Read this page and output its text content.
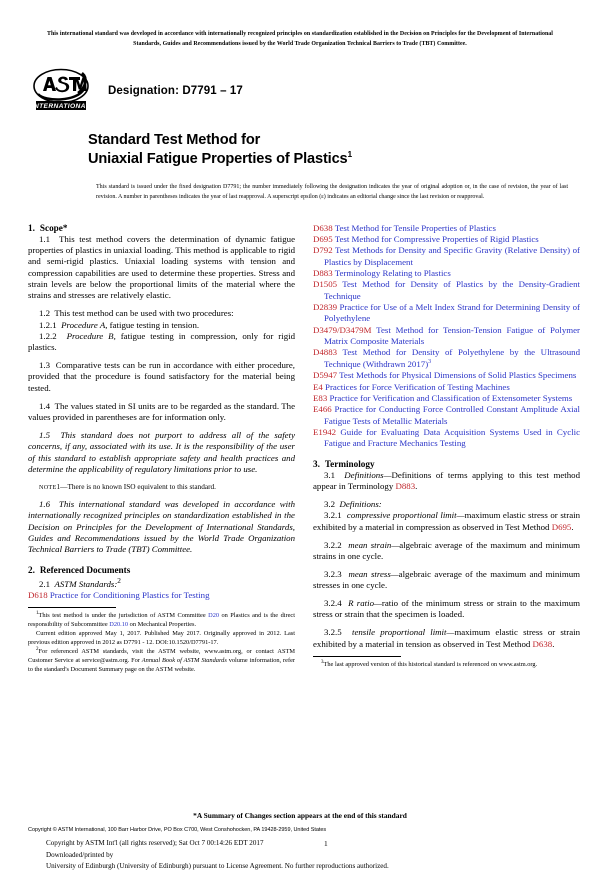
This international standard was developed in accordance with internationally recognized principles on standardization established in the Decision on Principles for the Development of International Standards, Guides and Recommendations issued by the World Trade Organization Technical Barriers to Trade (TBT) Committee.
INTERNATIONAL
Designation: D7791 – 17
Standard Test Method for
Uniaxial Fatigue Properties of Plastics$^1$
This standard is issued under the fixed designation D7791; the number immediately following the designation indicates the year of original adoption or, in the case of revision, the year of last revision. A number in parentheses indicates the year of last reapproval. A superscript epsilon (ε) indicates an editorial change since the last revision or reapproval.
1. Scope*

1.1 This test method covers the determination of dynamic fatigue properties of plastics in uniaxial loading. This method is applicable to rigid and semi-rigid plastics. Uniaxial loading systems with tension and compression capabilities are used to determine these properties. Stress and strain levels are below the proportional limits of the material where the strains and stresses are relatively elastic.

1.2 This test method can be used with two procedures:

1.2.1 Procedure A, fatigue testing in tension.

1.2.2 Procedure B, fatigue testing in compression, only for rigid plastics.

1.3 Comparative tests can be run in accordance with either procedure, provided that the procedure is found satisfactory for the material being tested.

1.4 The values stated in SI units are to be regarded as the standard. The values provided in parentheses are for information only.

1.5 This standard does not purport to address all of the safety concerns, if any, associated with its use. It is the responsibility of the user of this standard to establish appropriate safety and health practices and determine the applicability of regulatory limitations prior to use.

NOTE1—There is no known ISO equivalent to this standard.

1.6 This international standard was developed in accordance with internationally recognized principles on standardization established in the Decision on Principles for the Development of International Standards, Guides and Recommendations issued by the World Trade Organization Technical Barriers to Trade (TBT) Committee.

2. Referenced Documents

2.1 ASTM Standards:$^2$

D618 Practice for Conditioning Plastics for Testing

$^1$This test method is under the jurisdiction of ASTM Committee D20 on Plastics and is the direct responsibility of Subcommittee D20.10 on Mechanical Properties.

Current edition approved May 1, 2017. Published May 2017. Originally approved in 2012. Last previous edition approved in 2012 as D7791 - 12. DOI:10.1520/D7791-17.

$^2$For referenced ASTM standards, visit the ASTM website, www.astm.org, or contact ASTM Customer Service at service@astm.org. For Annual Book of ASTM Standards volume information, refer to the standard's Document Summary page on the ASTM website.

D638 Test Method for Tensile Properties of Plastics

D695 Test Method for Compressive Properties of Rigid Plastics

D792 Test Methods for Density and Specific Gravity (Relative Density) of Plastics by Displacement

D883 Terminology Relating to Plastics

D1505 Test Method for Density of Plastics by the Density-Gradient Technique

D2839 Practice for Use of a Melt Index Strand for Determining Density of Polyethylene

D3479/D3479M Test Method for Tension-Tension Fatigue of Polymer Matrix Composite Materials

D4883 Test Method for Density of Polyethylene by the Ultrasound Technique (Withdrawn 2017)$^3$

D5947 Test Methods for Physical Dimensions of Solid Plastics Specimens

E4 Practices for Force Verification of Testing Machines

E83 Practice for Verification and Classification of Extensometer Systems

E466 Practice for Conducting Force Controlled Constant Amplitude Axial Fatigue Tests of Metallic Materials

E1942 Guide for Evaluating Data Acquisition Systems Used in Cyclic Fatigue and Fracture Mechanics Testing

3. Terminology

3.1 Definitions—Definitions of terms applying to this test method appear in Terminology D883.

3.2 Definitions:

3.2.1 compressive proportional limit—maximum elastic stress or strain exhibited by a material in compression as observed in Test Method D695.

3.2.2 mean strain—algebraic average of the maximum and minimum strains in one cycle.

3.2.3 mean stress—algebraic average of the maximum and minimum stresses in one cycle.

3.2.4 R ratio—ratio of the minimum stress or strain to the maximum stress or strain that the specimen is loaded.

3.2.5 tensile proportional limit—maximum elastic stress or strain exhibited by a material in tension as observed in Test Method D638.

$^3$The last approved version of this historical standard is referenced on www.astm.org.

*A Summary of Changes section appears at the end of this standard
Copyright © ASTM International, 100 Barr Harbor Drive, PO Box C700, West Conshohocken, PA 19428-2959, United States
Copyright by ASTM Int'l (all rights reserved); Sat Oct 7 00:14:26 EDT 2017
Downloaded/printed by
University of Edinburgh (University of Edinburgh) pursuant to License Agreement. No further reproductions authorized.
1
